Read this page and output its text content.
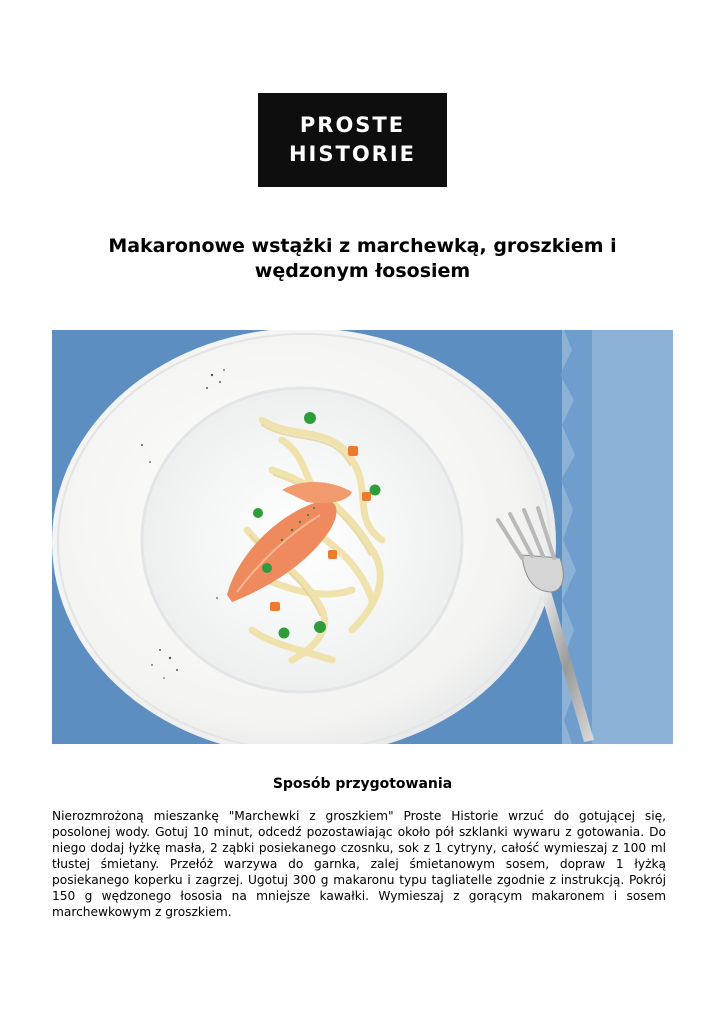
PROSTE
HISTORIE
Makaronowe wstążki z marchewką, groszkiem i wędzonym łososiem
Sposób przygotowania

Nierozmrożoną mieszankę "Marchewki z groszkiem" Proste Historie wrzuć do gotującej się, posolonej wody. Gotuj 10 minut, odcedź pozostawiając około pół szklanki wywaru z gotowania. Do niego dodaj łyżkę masła, 2 ząbki posiekanego czosnku, sok z 1 cytryny, całość wymieszaj z 100 ml tłustej śmietany. Przełóż warzywa do garnka, zalej śmietanowym sosem, dopraw 1 łyżką posiekanego koperku i zagrzej. Ugotuj 300 g makaronu typu tagliatelle zgodnie z instrukcją. Pokrój 150 g wędzonego łososia na mniejsze kawałki. Wymieszaj z gorącym makaronem i sosem marchewkowym z groszkiem.
